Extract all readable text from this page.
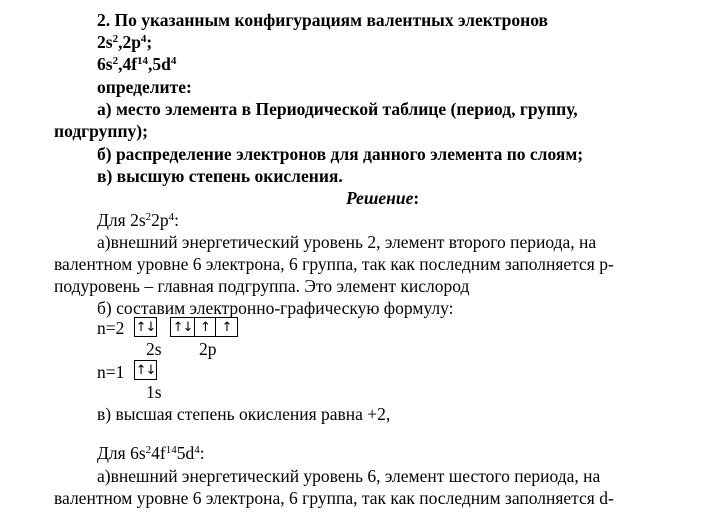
2. По указанным конфигурациям валентных электронов
$2s^2,2p^4$;
$6s^2,4f^{14},5d^4$
определите:
а) место элемента в Периодической таблице (период, группу,
подгруппу);
б) распределение электронов для данного элемента по слоям;
в) высшую степень окисления.
Решение:
Для $2s^22p^4$:
а)внешний энергетический уровень 2, элемент второго периода, на
валентном уровне 6 электрона, 6 группа, так как последним заполняется p-
подуровень – главная подгруппа. Это элемент кислород
б) составим электронно-графическую формулу:
n=2 ↑↓ ↑↓ ↑ ↑
2s 2p
n=1 ↑↓
1s
в) высшая степень окисления равна +2,
Для $6s^24f^{14}5d^4$:
а)внешний энергетический уровень 6, элемент шестого периода, на
валентном уровне 6 электрона, 6 группа, так как последним заполняется d-
